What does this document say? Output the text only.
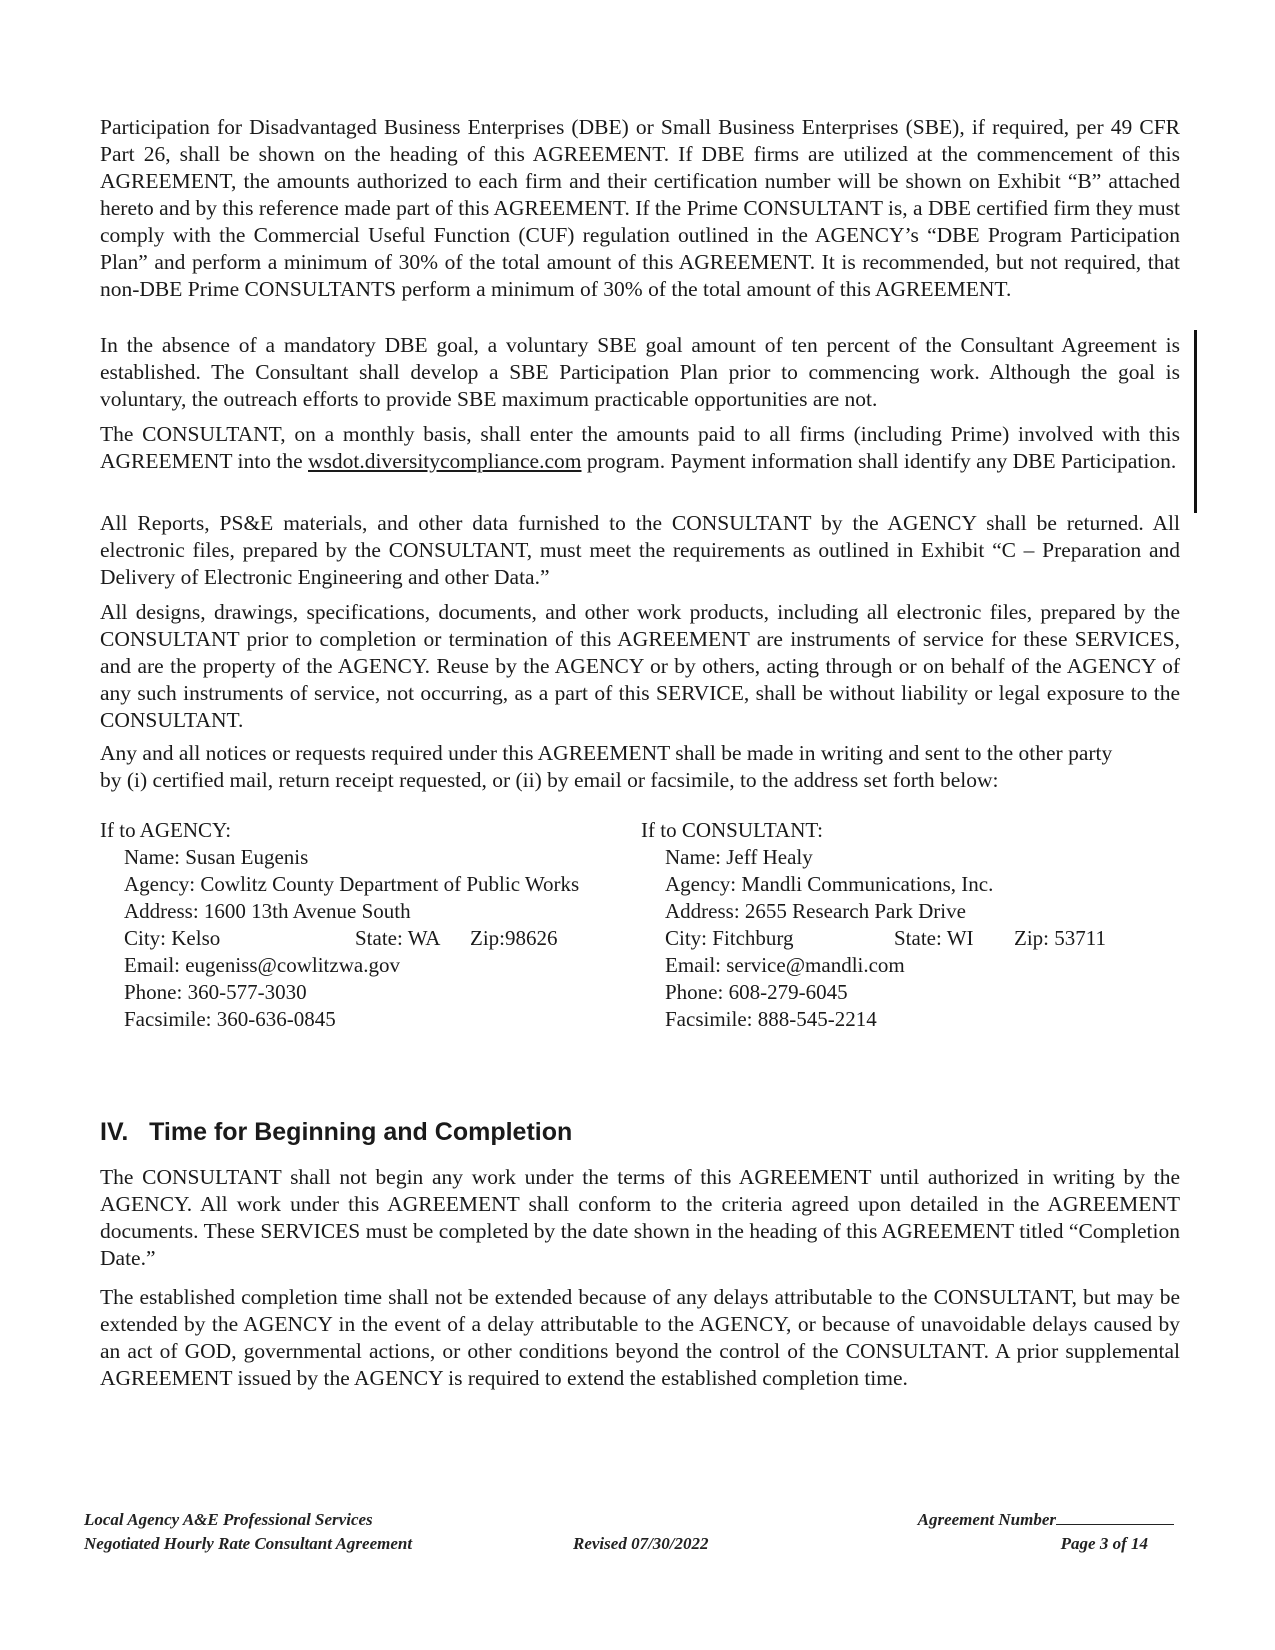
Participation for Disadvantaged Business Enterprises (DBE) or Small Business Enterprises (SBE), if required, per 49 CFR Part 26, shall be shown on the heading of this AGREEMENT. If DBE firms are utilized at the commencement of this AGREEMENT, the amounts authorized to each firm and their certification number will be shown on Exhibit “B” attached hereto and by this reference made part of this AGREEMENT. If the Prime CONSULTANT is, a DBE certified firm they must comply with the Commercial Useful Function (CUF) regulation outlined in the AGENCY’s “DBE Program Participation Plan” and perform a minimum of 30% of the total amount of this AGREEMENT. It is recommended, but not required, that non-DBE Prime CONSULTANTS perform a minimum of 30% of the total amount of this AGREEMENT.

In the absence of a mandatory DBE goal, a voluntary SBE goal amount of ten percent of the Consultant Agreement is established. The Consultant shall develop a SBE Participation Plan prior to commencing work. Although the goal is voluntary, the outreach efforts to provide SBE maximum practicable opportunities are not.

The CONSULTANT, on a monthly basis, shall enter the amounts paid to all firms (including Prime) involved with this AGREEMENT into the wsdot.diversitycompliance.com program. Payment information shall identify any DBE Participation.

All Reports, PS&E materials, and other data furnished to the CONSULTANT by the AGENCY shall be returned. All electronic files, prepared by the CONSULTANT, must meet the requirements as outlined in Exhibit “C – Preparation and Delivery of Electronic Engineering and other Data.”

All designs, drawings, specifications, documents, and other work products, including all electronic files, prepared by the CONSULTANT prior to completion or termination of this AGREEMENT are instruments of service for these SERVICES, and are the property of the AGENCY. Reuse by the AGENCY or by others, acting through or on behalf of the AGENCY of any such instruments of service, not occurring, as a part of this SERVICE, shall be without liability or legal exposure to the CONSULTANT.

Any and all notices or requests required under this AGREEMENT shall be made in writing and sent to the other party by (i) certified mail, return receipt requested, or (ii) by email or facsimile, to the address set forth below:

If to AGENCY:
Name: Susan Eugenis
Agency: Cowlitz County Department of Public Works
Address: 1600 13th Avenue South
City: Kelso	State: WA Zip:98626
Email: eugeniss@cowlitzwa.gov
Phone: 360-577-3030
Facsimile: 360-636-0845
If to CONSULTANT:
Name: Jeff Healy
Agency: Mandli Communications, Inc.
Address: 2655 Research Park Drive
City: Fitchburg	State: WI Zip: 53711
Email: service@mandli.com
Phone: 608-279-6045
Facsimile: 888-545-2214
IV.   Time for Beginning and Completion

The CONSULTANT shall not begin any work under the terms of this AGREEMENT until authorized in writing by the AGENCY. All work under this AGREEMENT shall conform to the criteria agreed upon detailed in the AGREEMENT documents. These SERVICES must be completed by the date shown in the heading of this AGREEMENT titled “Completion Date.”

The established completion time shall not be extended because of any delays attributable to the CONSULTANT, but may be extended by the AGENCY in the event of a delay attributable to the AGENCY, or because of unavoidable delays caused by an act of GOD, governmental actions, or other conditions beyond the control of the CONSULTANT. A prior supplemental AGREEMENT issued by the AGENCY is required to extend the established completion time.

Local Agency A&E Professional Services
Negotiated Hourly Rate Consultant Agreement	Revised 07/30/2022
Agreement Number
Page 3 of 14
